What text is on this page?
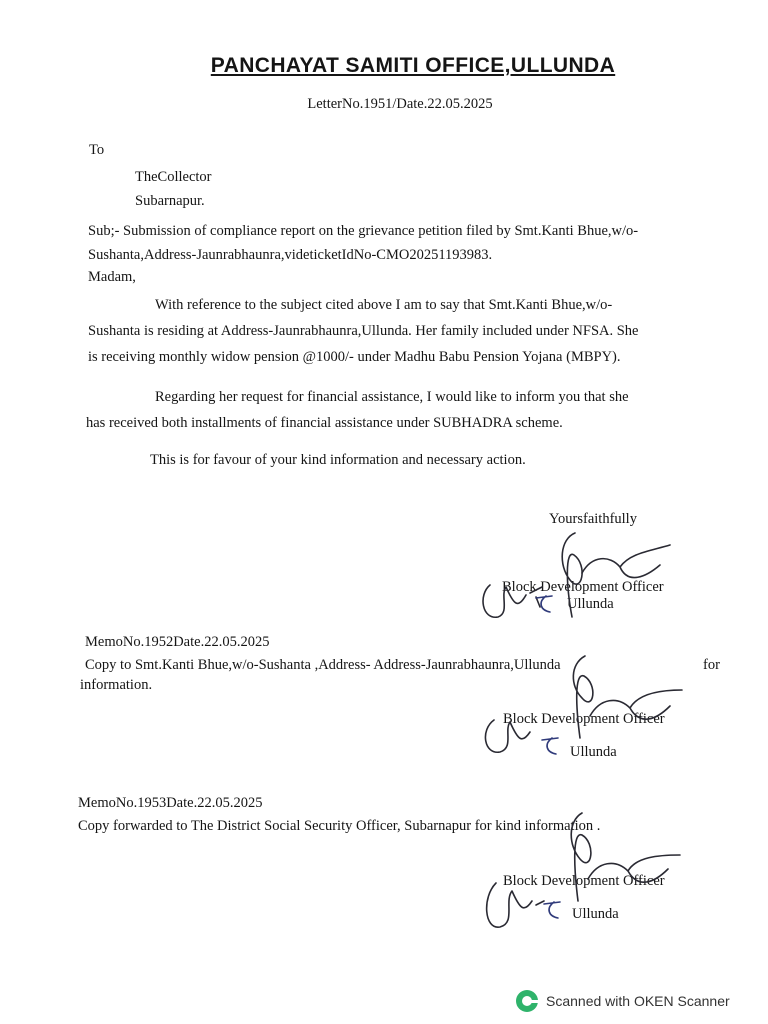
PANCHAYAT SAMITI OFFICE,ULLUNDA
LetterNo.1951/Date.22.05.2025
To
TheCollector
Subarnapur.
Sub;- Submission of compliance report on the grievance petition filed by Smt.Kanti Bhue,w/o-
Sushanta,Address-Jaunrabhaunra,videticketIdNo-CMO20251193983.
Madam,
With reference to the subject cited above I am to say that Smt.Kanti Bhue,w/o-
Sushanta is residing at Address-Jaunrabhaunra,Ullunda. Her family included under NFSA. She
is receiving monthly widow pension @1000/- under Madhu Babu Pension Yojana (MBPY).
Regarding her request for financial assistance, I would like to inform you that she
has received both installments of financial assistance under SUBHADRA scheme.
This is for favour of your kind information and necessary action.
Yoursfaithfully
Block Development Officer
Ullunda
MemoNo.1952Date.22.05.2025
Copy to Smt.Kanti Bhue,w/o-Sushanta ,Address- Address-Jaunrabhaunra,Ullunda	for
information.
Block Development Officer
Ullunda
MemoNo.1953Date.22.05.2025
Copy forwarded to The District Social Security Officer, Subarnapur for kind information .
Block Development Officer
Ullunda
Scanned with OKEN Scanner
